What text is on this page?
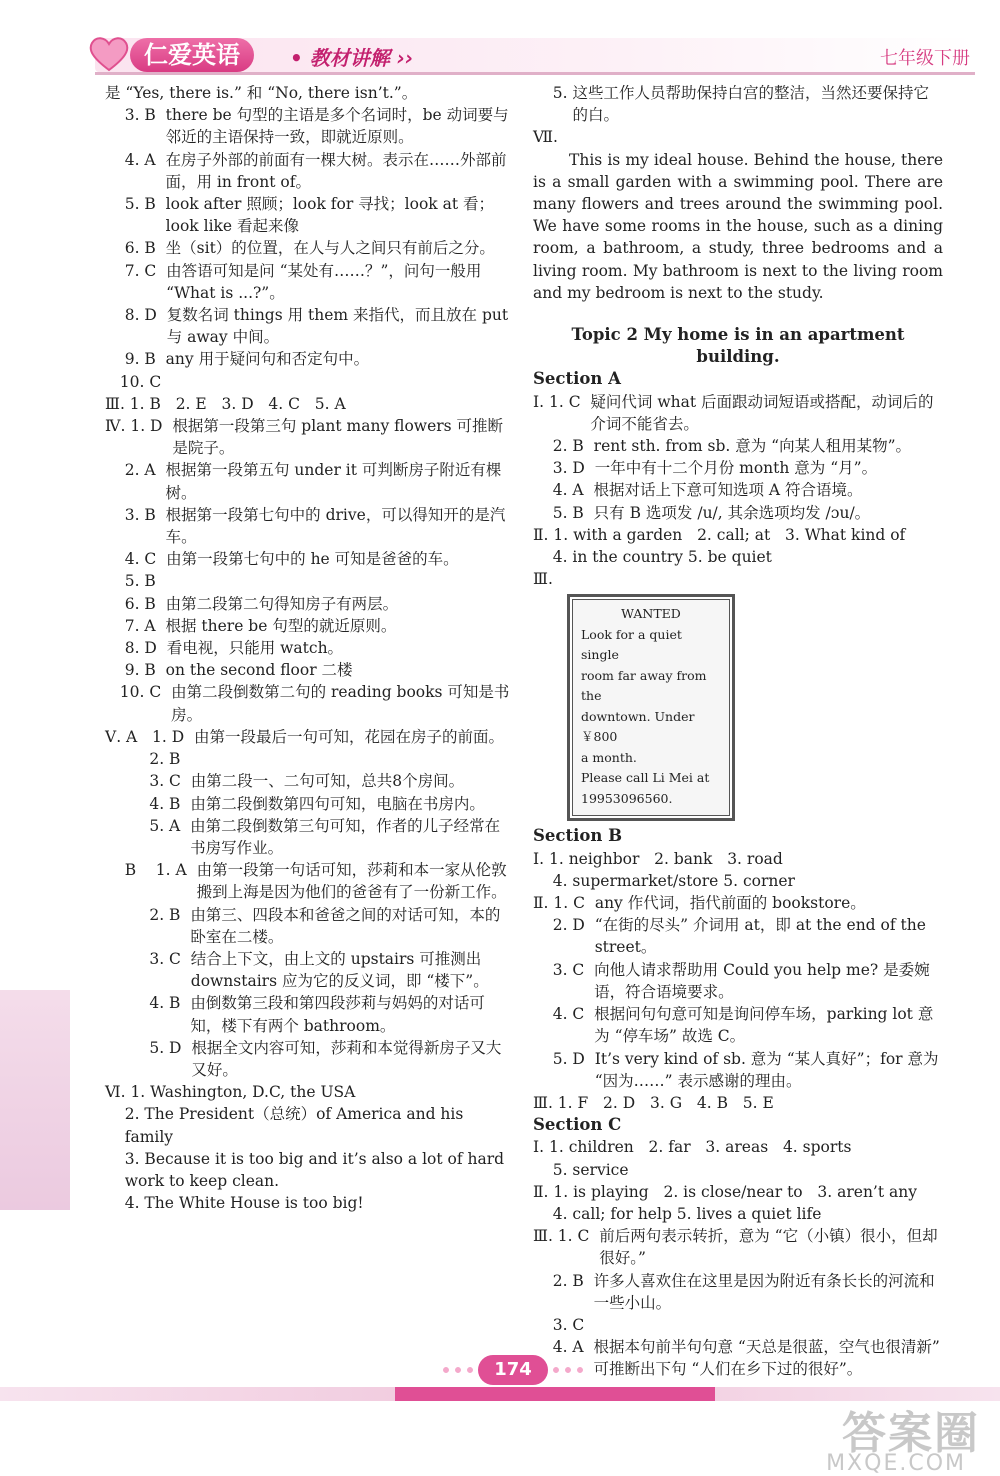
仁爱英语	• 教材讲解 ››	七年级下册
是 “Yes, there is.” 和 “No, there isn’t.”。
3. B there be 句型的主语是多个名词时，be 动词要与邻近的主语保持一致，即就近原则。
4. A 在房子外部的前面有一棵大树。表示在……外部前面，用 in front of。
5. B look after 照顾；look for 寻找；look at 看；look like 看起来像
6. B 坐（sit）的位置，在人与人之间只有前后之分。
7. C 由答语可知是问 “某处有……？”，问句一般用 “What is ...?”。
8. D 复数名词 things 用 them 来指代，而且放在 put 与 away 中间。
9. B any 用于疑问句和否定句中。
10. C
Ⅲ. 1. B   2. E   3. D   4. C   5. A
Ⅳ. 1. D 根据第一段第三句 plant many flowers 可推断是院子。
2. A 根据第一段第五句 under it 可判断房子附近有棵树。
3. B 根据第一段第七句中的 drive，可以得知开的是汽车。
4. C 由第一段第七句中的 he 可知是爸爸的车。
5. B
6. B 由第二段第二句得知房子有两层。
7. A 根据 there be 句型的就近原则。
8. D 看电视，只能用 watch。
9. B on the second floor 二楼
10. C 由第二段倒数第二句的 reading books 可知是书房。
Ⅴ. A   1. D 由第一段最后一句可知，花园在房子的前面。
2. B
3. C 由第二段一、二句可知，总共8个房间。
4. B 由第二段倒数第四句可知，电脑在书房内。
5. A 由第二段倒数第三句可知，作者的儿子经常在书房写作业。
B    1. A 由第一段第一句话可知，莎莉和本一家从伦敦搬到上海是因为他们的爸爸有了一份新工作。
2. B 由第三、四段本和爸爸之间的对话可知，本的卧室在二楼。
3. C 结合上下文，由上文的 upstairs 可推测出 downstairs 应为它的反义词，即 “楼下”。
4. B 由倒数第三段和第四段莎莉与妈妈的对话可知，楼下有两个 bathroom。
5. D 根据全文内容可知，莎莉和本觉得新房子又大又好。
Ⅵ. 1. Washington, D.C, the USA

2. The President（总统）of America and his family

3. Because it is too big and it’s also a lot of hard work to keep clean.

4. The White House is too big!
5. 这些工作人员帮助保持白宫的整洁，当然还要保持它的白。
Ⅶ.
This is my ideal house. Behind the house, there is a small garden with a swimming pool. There are many flowers and trees around the swimming pool. We have some rooms in the house, such as a dining room, a bathroom, a study, three bedrooms and a living room. My bathroom is next to the living room and my bedroom is next to the study.
Topic 2 My home is in an apartment building.
Section A
Ⅰ. 1. C 疑问代词 what 后面跟动词短语或搭配，动词后的介词不能省去。
2. B rent sth. from sb. 意为 “向某人租用某物”。
3. D 一年中有十二个月份 month 意为 “月”。
4. A 根据对话上下意可知选项 A 符合语境。
5. B 只有 B 选项发 /u/, 其余选项均发 /ɔu/。
Ⅱ. 1. with a garden   2. call; at   3. What kind of

4. in the country 5. be quiet
Ⅲ.
WANTED
Look for a quiet single
room far away from the
downtown. Under ￥800
a month.
Please call Li Mei at
19953096560.
Section B
Ⅰ. 1. neighbor   2. bank   3. road

4. supermarket/store 5. corner
Ⅱ. 1. C any 作代词，指代前面的 bookstore。
2. D “在街的尽头” 介词用 at，即 at the end of the street。
3. C 向他人请求帮助用 Could you help me? 是委婉语，符合语境要求。
4. C 根据问句句意可知是询问停车场，parking lot 意为 “停车场” 故选 C。
5. D It’s very kind of sb. 意为 “某人真好”；for 意为 “因为……” 表示感谢的理由。
Ⅲ. 1. F   2. D   3. G   4. B   5. E
Section C
Ⅰ. 1. children   2. far   3. areas   4. sports

5. service
Ⅱ. 1. is playing   2. is close/near to   3. aren’t any

4. call; for help 5. lives a quiet life
Ⅲ. 1. C 前后两句表示转折，意为 “它（小镇）很小，但却很好。”
2. B 许多人喜欢住在这里是因为附近有条长长的河流和一些小山。
3. C
4. A 根据本句前半句句意 “天总是很蓝，空气也很清新” 可推断出下句 “人们在乡下过的很好”。
174
答案圈
MXQE.COM
